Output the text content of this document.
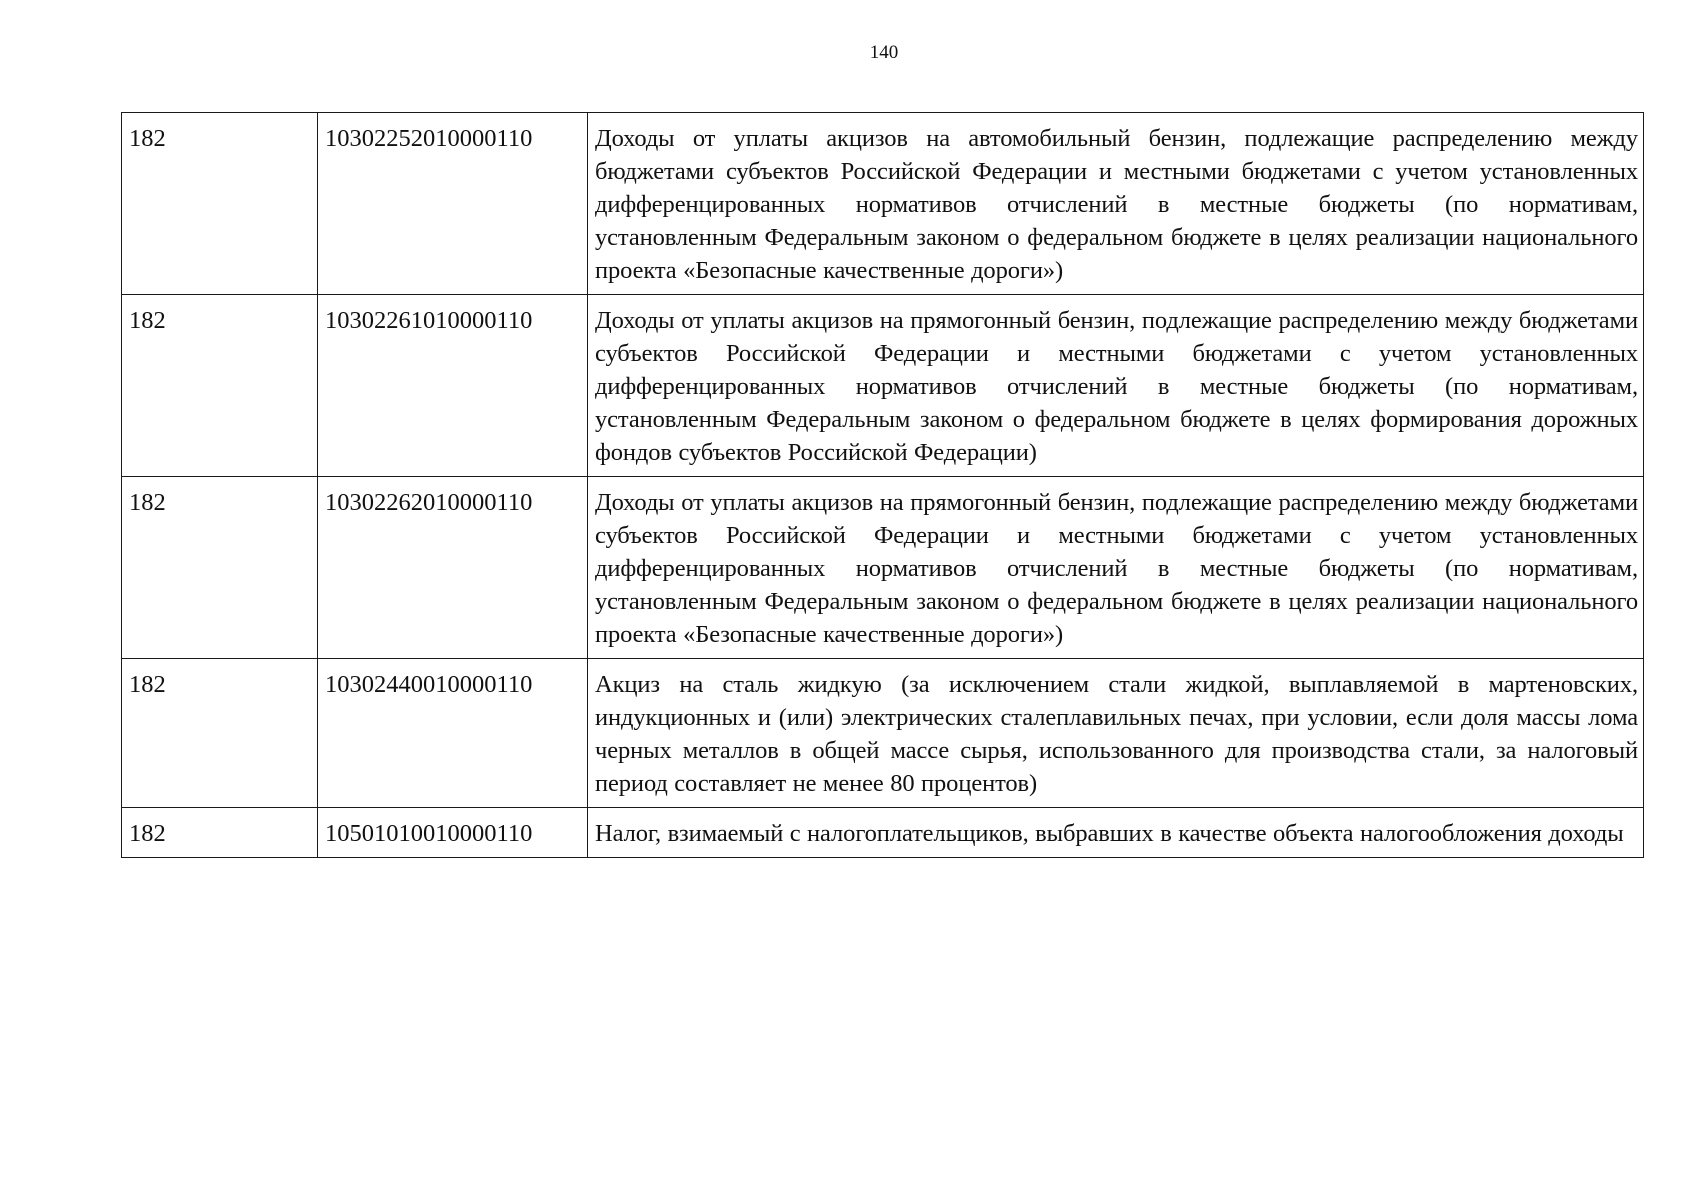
140
182	10302252010000110	Доходы от уплаты акцизов на автомобильный бензин, подлежащие распределению между бюджетами субъектов Российской Федерации и местными бюджетами с учетом установленных дифференцированных нормативов отчислений в местные бюджеты (по нормативам, установленным Федеральным законом о федеральном бюджете в целях реализации национального проекта «Безопасные качественные дороги»)
182	10302261010000110	Доходы от уплаты акцизов на прямогонный бензин, подлежащие распределению между бюджетами субъектов Российской Федерации и местными бюджетами с учетом установленных дифференцированных нормативов отчислений в местные бюджеты (по нормативам, установленным Федеральным законом о федеральном бюджете в целях формирования дорожных фондов субъектов Российской Федерации)
182	10302262010000110	Доходы от уплаты акцизов на прямогонный бензин, подлежащие распределению между бюджетами субъектов Российской Федерации и местными бюджетами с учетом установленных дифференцированных нормативов отчислений в местные бюджеты (по нормативам, установленным Федеральным законом о федеральном бюджете в целях реализации национального проекта «Безопасные качественные дороги»)
182	10302440010000110	Акциз на сталь жидкую (за исключением стали жидкой, выплавляемой в мартеновских, индукционных и (или) электрических сталеплавильных печах, при условии, если доля массы лома черных металлов в общей массе сырья, использованного для производства стали, за налоговый период составляет не менее 80 процентов)
182	10501010010000110	Налог, взимаемый с налогоплательщиков, выбравших в качестве объекта налогообложения доходы
